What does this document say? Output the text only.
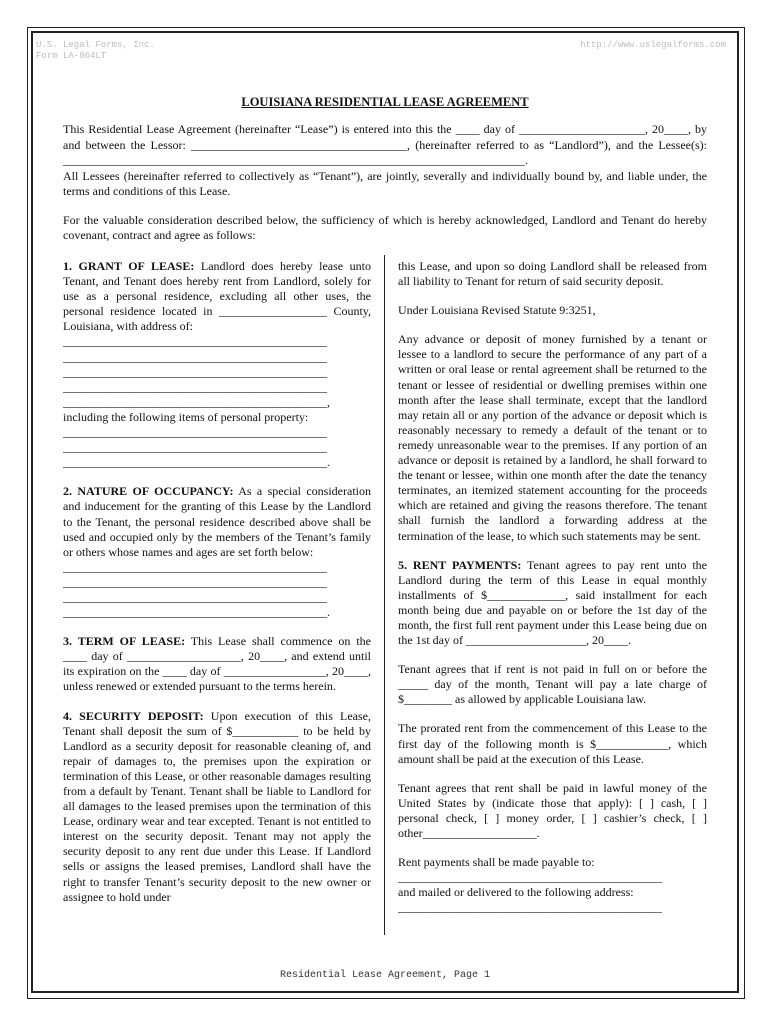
U.S. Legal Forms, Inc.
Form LA-864LT
http://www.uslegalforms.com
LOUISIANA RESIDENTIAL LEASE AGREEMENT

This Residential Lease Agreement (hereinafter “Lease”) is entered into this the ____ day of _____________________, 20____, by and between the Lessor: ____________________________________, (hereinafter referred to as “Landlord”), and the Lessee(s): _____________________________________________________________________________.

All Lessees (hereinafter referred to collectively as “Tenant”), are jointly, severally and individually bound by, and liable under, the terms and conditions of this Lease.

For the valuable consideration described below, the sufficiency of which is hereby acknowledged, Landlord and Tenant do hereby covenant, contract and agree as follows:

1. GRANT OF LEASE: Landlord does hereby lease unto Tenant, and Tenant does hereby rent from Landlord, solely for use as a personal residence, excluding all other uses, the personal residence located in __________________ County, Louisiana, with address of:
____________________________________________
____________________________________________
____________________________________________
____________________________________________
____________________________________________,
including the following items of personal property:
____________________________________________
____________________________________________
____________________________________________.

2. NATURE OF OCCUPANCY: As a special consideration and inducement for the granting of this Lease by the Landlord to the Tenant, the personal residence described above shall be used and occupied only by the members of the Tenant’s family or others whose names and ages are set forth below:
____________________________________________
____________________________________________
____________________________________________
____________________________________________.

3. TERM OF LEASE: This Lease shall commence on the ____ day of ___________________, 20____, and extend until its expiration on the ____ day of _________________, 20____, unless renewed or extended pursuant to the terms herein.

4. SECURITY DEPOSIT: Upon execution of this Lease, Tenant shall deposit the sum of $___________ to be held by Landlord as a security deposit for reasonable cleaning of, and repair of damages to, the premises upon the expiration or termination of this Lease, or other reasonable damages resulting from a default by Tenant. Tenant shall be liable to Landlord for all damages to the leased premises upon the termination of this Lease, ordinary wear and tear excepted. Tenant is not entitled to interest on the security deposit. Tenant may not apply the security deposit to any rent due under this Lease. If Landlord sells or assigns the leased premises, Landlord shall have the right to transfer Tenant’s security deposit to the new owner or assignee to hold under

this Lease, and upon so doing Landlord shall be released from all liability to Tenant for return of said security deposit.

Under Louisiana Revised Statute 9:3251,

Any advance or deposit of money furnished by a tenant or lessee to a landlord to secure the performance of any part of a written or oral lease or rental agreement shall be returned to the tenant or lessee of residential or dwelling premises within one month after the lease shall terminate, except that the landlord may retain all or any portion of the advance or deposit which is reasonably necessary to remedy a default of the tenant or to remedy unreasonable wear to the premises. If any portion of an advance or deposit is retained by a landlord, he shall forward to the tenant or lessee, within one month after the date the tenancy terminates, an itemized statement accounting for the proceeds which are retained and giving the reasons therefore. The tenant shall furnish the landlord a forwarding address at the termination of the lease, to which such statements may be sent.

5. RENT PAYMENTS: Tenant agrees to pay rent unto the Landlord during the term of this Lease in equal monthly installments of $_____________, said installment for each month being due and payable on or before the 1st day of the month, the first full rent payment under this Lease being due on the 1st day of ____________________, 20____.

Tenant agrees that if rent is not paid in full on or before the _____ day of the month, Tenant will pay a late charge of $________ as allowed by applicable Louisiana law.

The prorated rent from the commencement of this Lease to the first day of the following month is $____________, which amount shall be paid at the execution of this Lease.

Tenant agrees that rent shall be paid in lawful money of the United States by (indicate those that apply): [ ] cash, [ ] personal check, [ ] money order, [ ] cashier’s check, [ ] other___________________.

Rent payments shall be made payable to:
____________________________________________
and mailed or delivered to the following address:
____________________________________________

Residential Lease Agreement, Page 1
